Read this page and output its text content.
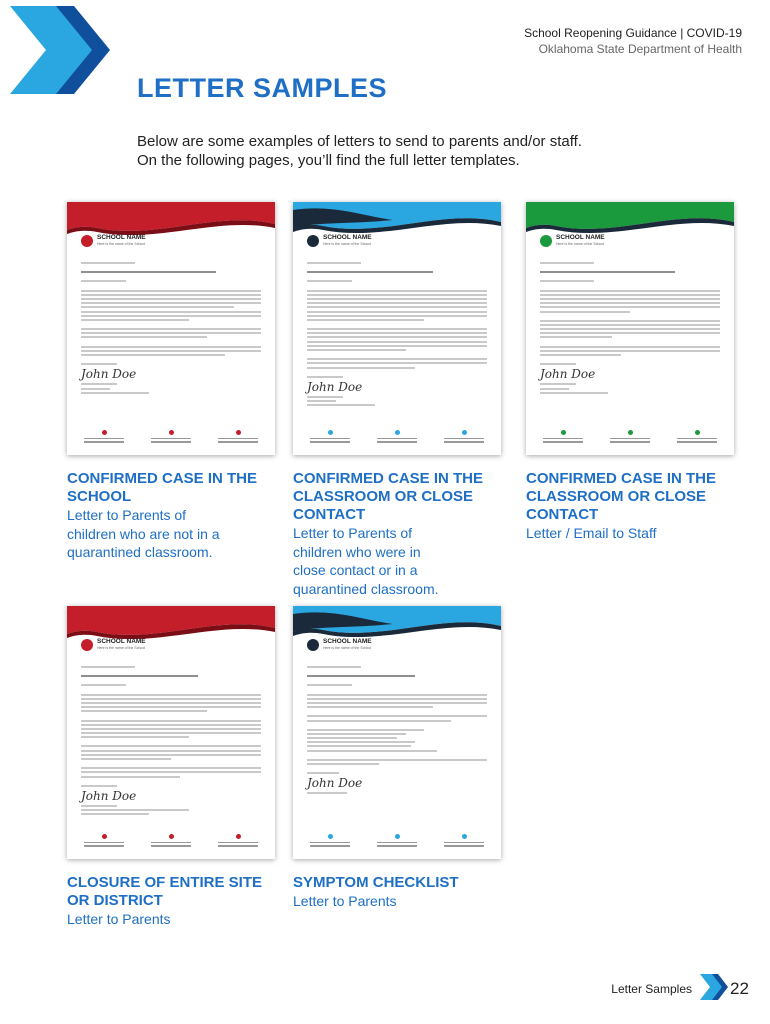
School Reopening Guidance | COVID-19
Oklahoma State Department of Health
LETTER SAMPLES
Below are some examples of letters to send to parents and/or staff.
On the following pages, you’ll find the full letter templates.
SCHOOL NAME
Here is the name of the School
John Doe
SCHOOL NAME
Here is the name of the School
John Doe
SCHOOL NAME
Here is the name of the School
John Doe
CONFIRMED CASE IN THE SCHOOL
Letter to Parents of
children who are not in a
quarantined classroom.
CONFIRMED CASE IN THE CLASSROOM OR CLOSE CONTACT
Letter to Parents of
children who were in
close contact or in a
quarantined classroom.
CONFIRMED CASE IN THE CLASSROOM OR CLOSE CONTACT
Letter / Email to Staff
SCHOOL NAME
Here is the name of the School
John Doe
SCHOOL NAME
Here is the name of the School
John Doe
CLOSURE OF ENTIRE SITE OR DISTRICT
Letter to Parents
SYMPTOM CHECKLIST
Letter to Parents
Letter Samples 22
